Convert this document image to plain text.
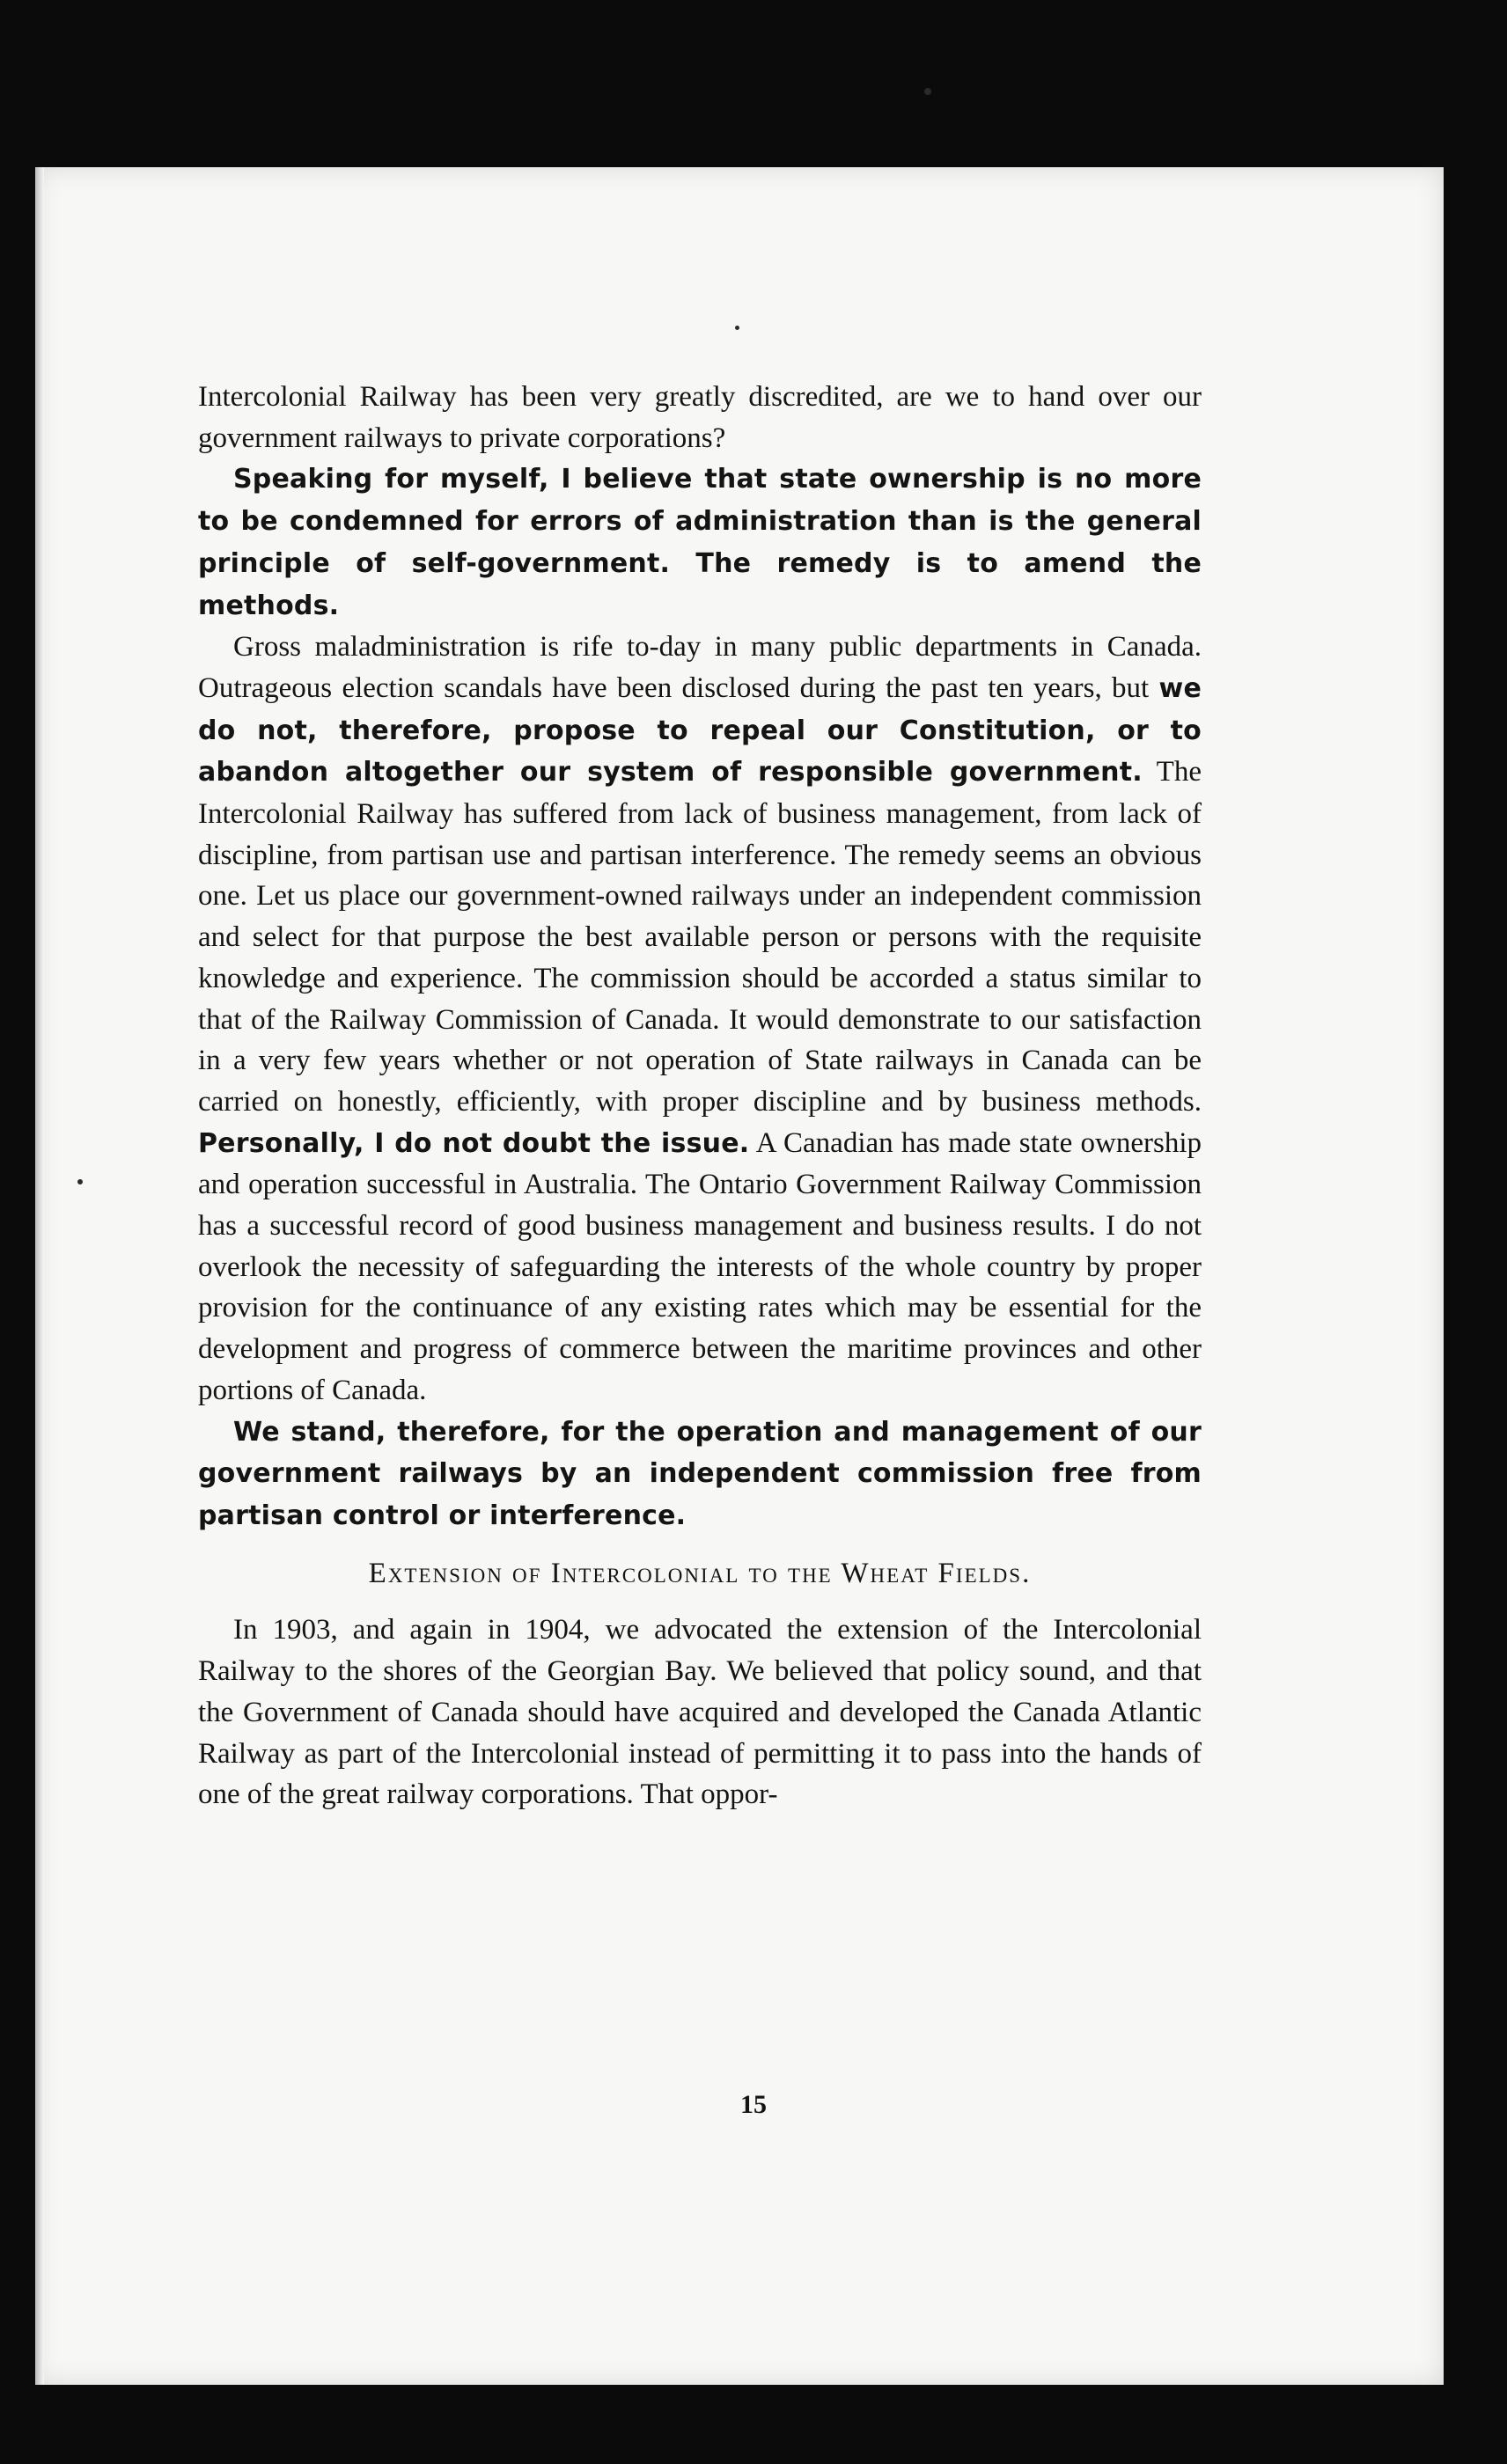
Intercolonial Railway has been very greatly discredited, are we to hand over our government railways to private corporations?

Speaking for myself, I believe that state ownership is no more to be condemned for errors of administration than is the general principle of self-government. The remedy is to amend the methods.

Gross maladministration is rife to-day in many public departments in Canada. Outrageous election scandals have been disclosed during the past ten years, but we do not, therefore, propose to repeal our Constitution, or to abandon altogether our system of responsible government. The Intercolonial Railway has suffered from lack of business management, from lack of discipline, from partisan use and partisan interference. The remedy seems an obvious one. Let us place our government-owned railways under an independent commission and select for that purpose the best available person or persons with the requisite knowledge and experience. The commission should be accorded a status similar to that of the Railway Commission of Canada. It would demonstrate to our satisfaction in a very few years whether or not operation of State railways in Canada can be carried on honestly, efficiently, with proper discipline and by business methods. Personally, I do not doubt the issue. A Canadian has made state ownership and operation successful in Australia. The Ontario Government Railway Commission has a successful record of good business management and business results. I do not overlook the necessity of safeguarding the interests of the whole country by proper provision for the continuance of any existing rates which may be essential for the development and progress of commerce between the maritime provinces and other portions of Canada.

We stand, therefore, for the operation and management of our government railways by an independent commission free from partisan control or interference.

Extension of Intercolonial to the Wheat Fields.

In 1903, and again in 1904, we advocated the extension of the Intercolonial Railway to the shores of the Georgian Bay. We believed that policy sound, and that the Government of Canada should have acquired and developed the Canada Atlantic Railway as part of the Intercolonial instead of permitting it to pass into the hands of one of the great railway corporations. That oppor-

15
